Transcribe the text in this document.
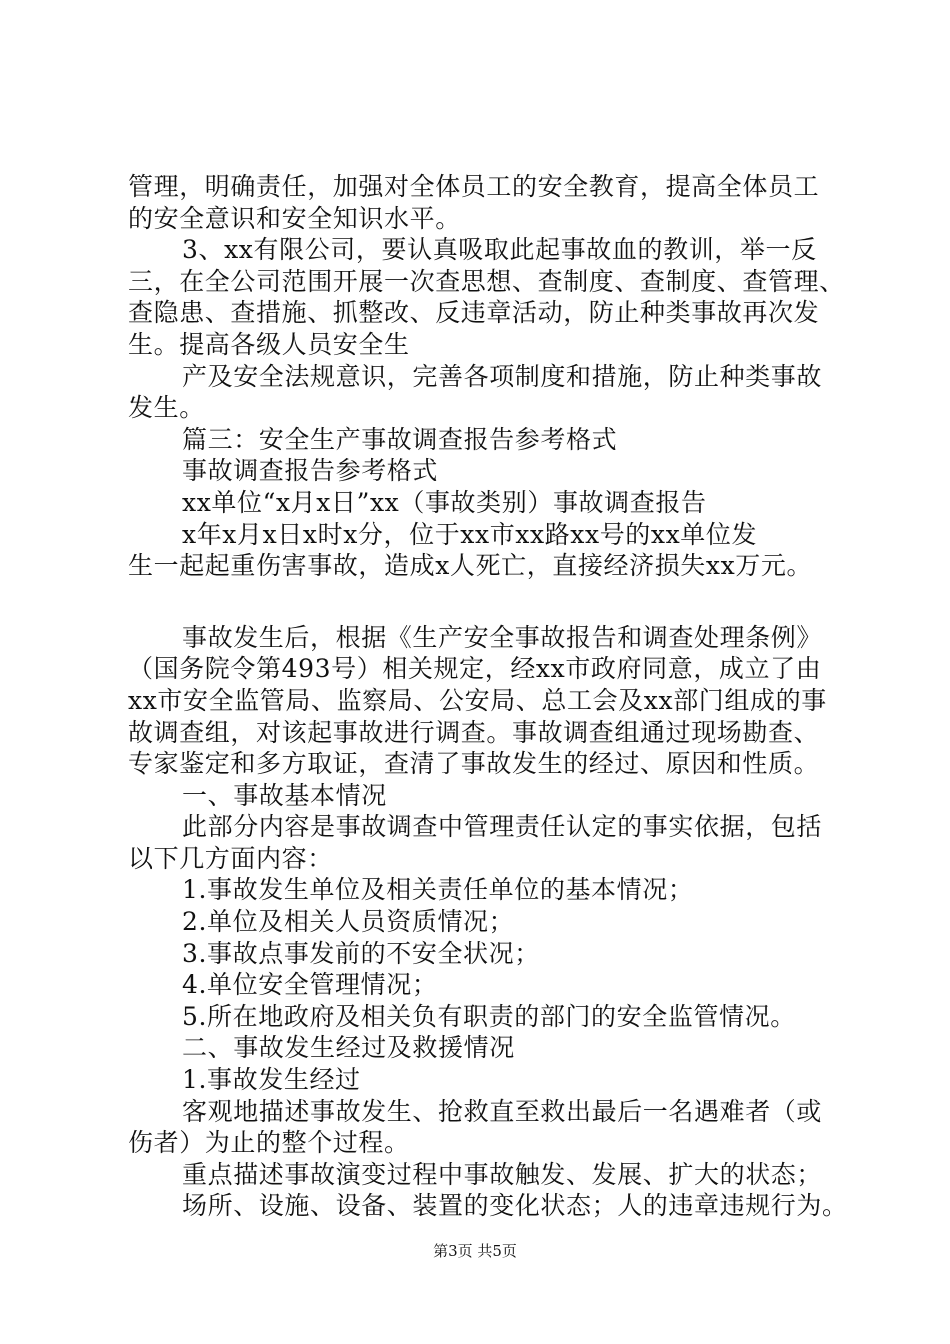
管理，明确责任，加强对全体员工的安全教育，提高全体员工
的安全意识和安全知识水平。
3、xx有限公司，要认真吸取此起事故血的教训，举一反
三，在全公司范围开展一次查思想、查制度、查制度、查管理、
查隐患、查措施、抓整改、反违章活动，防止种类事故再次发
生。提高各级人员安全生
产及安全法规意识，完善各项制度和措施，防止种类事故
发生。
篇三：安全生产事故调查报告参考格式
事故调查报告参考格式
xx单位“x月x日”xx（事故类别）事故调查报告
x年x月x日x时x分，位于xx市xx路xx号的xx单位发
生一起起重伤害事故，造成x人死亡，直接经济损失xx万元。
事故发生后，根据《生产安全事故报告和调查处理条例》
（国务院令第493号）相关规定，经xx市政府同意，成立了由
xx市安全监管局、监察局、公安局、总工会及xx部门组成的事
故调查组，对该起事故进行调查。事故调查组通过现场勘查、
专家鉴定和多方取证，查清了事故发生的经过、原因和性质。
一、事故基本情况
此部分内容是事故调查中管理责任认定的事实依据，包括
以下几方面内容：
1.事故发生单位及相关责任单位的基本情况；
2.单位及相关人员资质情况；
3.事故点事发前的不安全状况；
4.单位安全管理情况；
5.所在地政府及相关负有职责的部门的安全监管情况。
二、事故发生经过及救援情况
1.事故发生经过
客观地描述事故发生、抢救直至救出最后一名遇难者（或
伤者）为止的整个过程。
重点描述事故演变过程中事故触发、发展、扩大的状态；
场所、设施、设备、装置的变化状态；人的违章违规行为。
第3页 共5页
